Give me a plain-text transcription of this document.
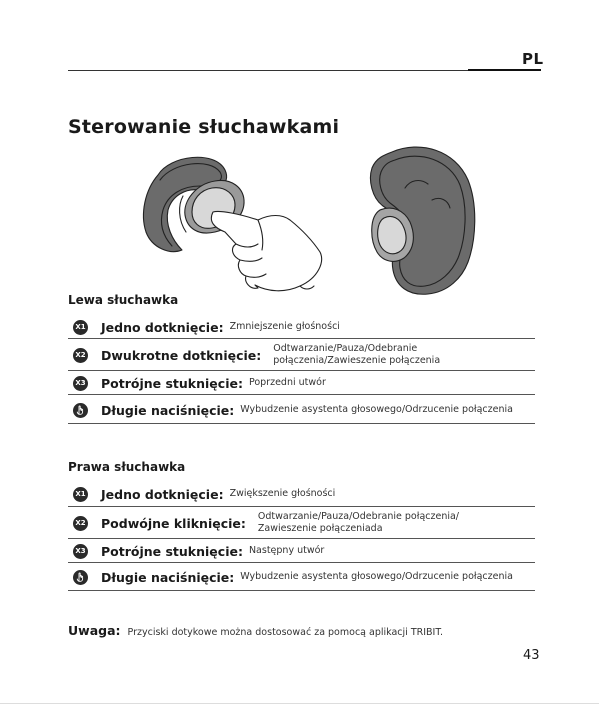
PL
Sterowanie słuchawkami
Lewa słuchawka
X1 Jedno dotknięcie: Zmniejszenie głośności
X2 Dwukrotne dotknięcie: Odtwarzanie/Pauza/Odebranie
połączenia/Zawieszenie połączenia
X3 Potrójne stuknięcie: Poprzedni utwór
Długie naciśnięcie: Wybudzenie asystenta głosowego/Odrzucenie połączenia
Prawa słuchawka
X1 Jedno dotknięcie: Zwiększenie głośności
X2 Podwójne kliknięcie: Odtwarzanie/Pauza/Odebranie połączenia/
Zawieszenie połączeniada
X3 Potrójne stuknięcie: Następny utwór
Długie naciśnięcie: Wybudzenie asystenta głosowego/Odrzucenie połączenia
Uwaga: Przyciski dotykowe można dostosować za pomocą aplikacji TRIBIT.
43
